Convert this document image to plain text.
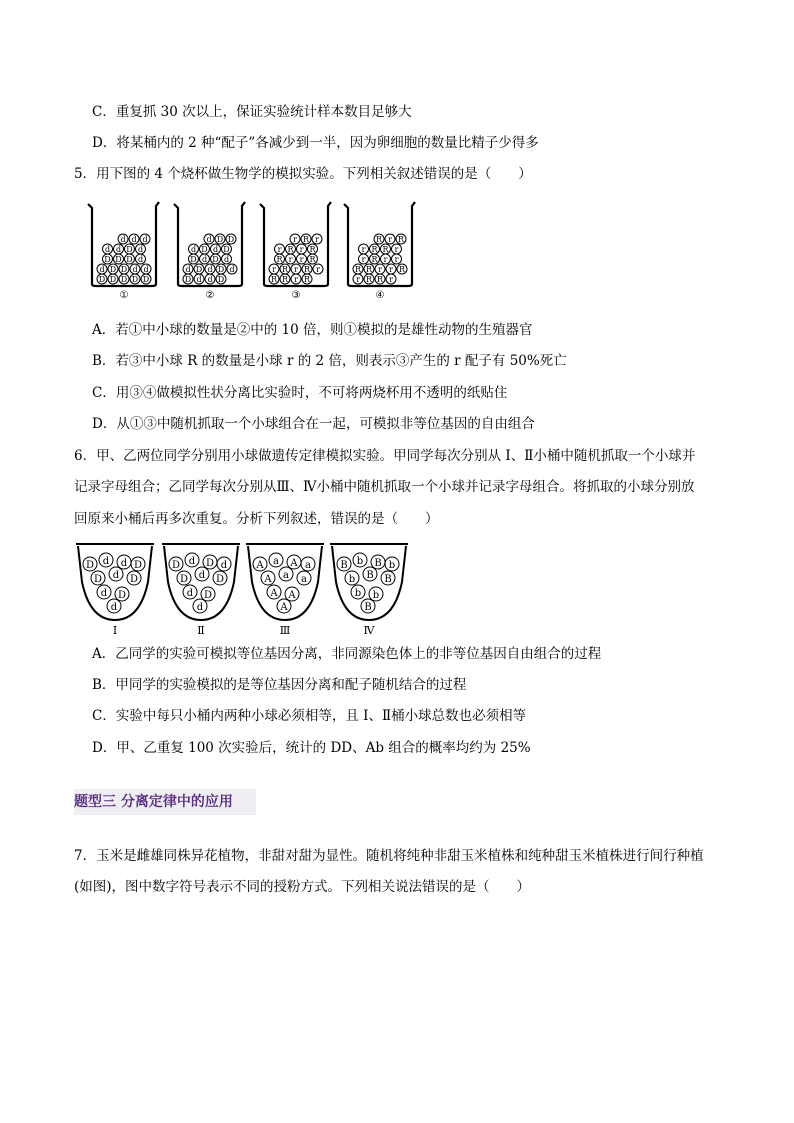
C．重复抓 30 次以上，保证实验统计样本数目足够大
D．将某桶内的 2 种“配子”各减少到一半，因为卵细胞的数量比精子少得多
5．用下图的 4 个烧杯做生物学的模拟实验。下列相关叙述错误的是（　　）
d d d
d d D d
D D D d
d D D d d
D D D D D
①
d D D
d D d D
D d D d
d D d D d
D d d D
②
r R r
r R r R
R r r R
r R r R r
R R r R
③
R r R
r R R r
r R r r
R R r r R
r R R r
④
A．若①中小球的数量是②中的 10 倍，则①模拟的是雄性动物的生殖器官
B．若③中小球 R 的数量是小球 r 的 2 倍，则表示③产生的 r 配子有 50%死亡
C．用③④做模拟性状分离比实验时，不可将两烧杯用不透明的纸贴住
D．从①③中随机抓取一个小球组合在一起，可模拟非等位基因的自由组合
6．甲、乙两位同学分别用小球做遗传定律模拟实验。甲同学每次分别从 I、Ⅱ小桶中随机抓取一个小球并
记录字母组合；乙同学每次分别从Ⅲ、Ⅳ小桶中随机抓取一个小球并记录字母组合。将抓取的小球分别放
回原来小桶后再多次重复。分析下列叙述，错误的是（　　）
D d d D
D d D
d D
d
Ⅰ
D d D d
D d D
d D
d
Ⅱ
A a A a
A a a
A A
A
Ⅲ
B b B b
b B B
b b
B
Ⅳ
A．乙同学的实验可模拟等位基因分离，非同源染色体上的非等位基因自由组合的过程
B．甲同学的实验模拟的是等位基因分离和配子随机结合的过程
C．实验中每只小桶内两种小球必须相等，且 I、Ⅱ桶小球总数也必须相等
D．甲、乙重复 100 次实验后，统计的 DD、Ab 组合的概率均约为 25%
题型三 分离定律中的应用
7．玉米是雌雄同株异花植物，非甜对甜为显性。随机将纯种非甜玉米植株和纯种甜玉米植株进行间行种植
(如图)，图中数字符号表示不同的授粉方式。下列相关说法错误的是（　　）
